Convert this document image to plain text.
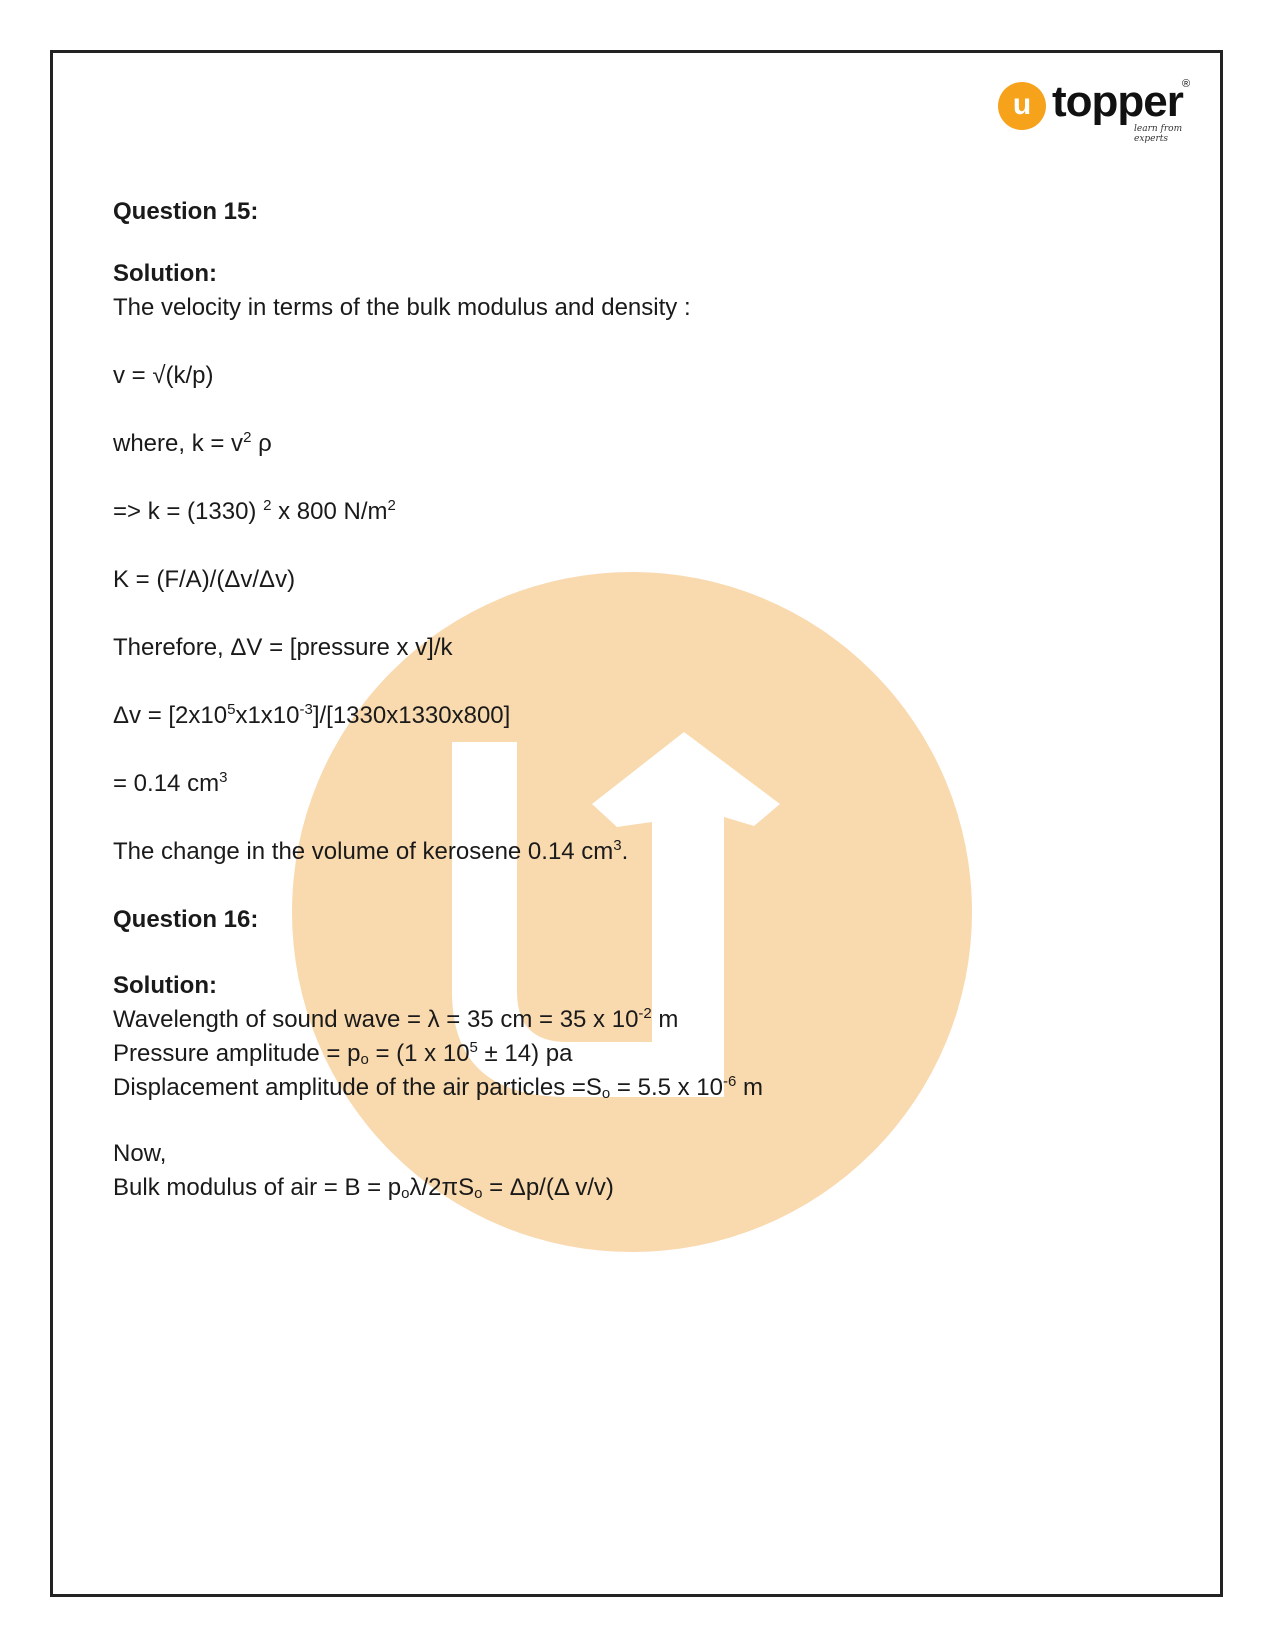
u topper ®
learn from experts
Question 15:
Solution:
The velocity in terms of the bulk modulus and density :
v = √(k/p)
where, $k = v^2$ ρ
=> k = (1330) $^2$ x 800 $N/m^2$
K = (F/A)/(Δv/Δv)
Therefore, ΔV = [pressure x v]/k
$\Delta v = [2x10^5x1x10^{-3}]/[1330x1330x800]$
= 0.14 $cm^3$
The change in the volume of kerosene 0.14 $cm^3$.
Question 16:
Solution:
Wavelength of sound wave = λ = 35 cm = 35 x $10^{-2}$ m
Pressure amplitude = $p_o = (1$ x $10^5 \pm 14$) pa
Displacement amplitude of the air particles $=S_o = 5.5$ x $10^{-6}$ m
Now,
Bulk modulus of air = $B = p_o\lambda/2\pi S_o = \Delta p/(\Delta$ v/v)
